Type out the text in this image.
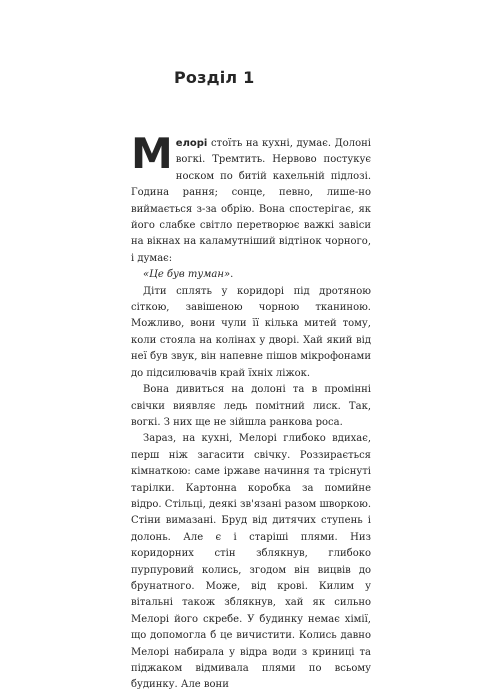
Розділ 1

Мелорі стоїть на кухні, думає. Долоні вогкі. Тремтить. Нервово постукує носком по битій кахельній підлозі. Година рання; сонце, певно, лише-но виймається з-за обрію. Вона спостерігає, як його слабке світло перетворює важкі завіси на вікнах на каламутніший відтінок чорного, і думає:

«Це був туман».

Діти сплять у коридорі під дротяною сіткою, завішеною чорною тканиною. Можливо, вони чули її кілька митей тому, коли стояла на колінах у дворі. Хай який від неї був звук, він напевне пішов мікрофонами до підсилювачів край їхніх ліжок.

Вона дивиться на долоні та в промінні свічки виявляє ледь помітний лиск. Так, вогкі. З них ще не зійшла ранкова роса.

Зараз, на кухні, Мелорі глибоко вдихає, перш ніж загасити свічку. Роззирається кімнаткою: саме іржаве начиння та тріснуті тарілки. Картонна коробка за помийне відро. Стільці, деякі зв'язані разом шворкою. Стіни вимазані. Бруд від дитячих ступень і долонь. Але є і старіші плями. Низ коридорних стін зблякнув, глибоко пурпуровий колись, згодом він вицвів до брунатного. Може, від крові. Килим у вітальні також зблякнув, хай як сильно Мелорі його скребе. У будинку немає хімії, що допомогла б це вичистити. Колись давно Мелорі набирала у відра води з криниці та піджаком відмивала плями по всьому будинку. Але вони
